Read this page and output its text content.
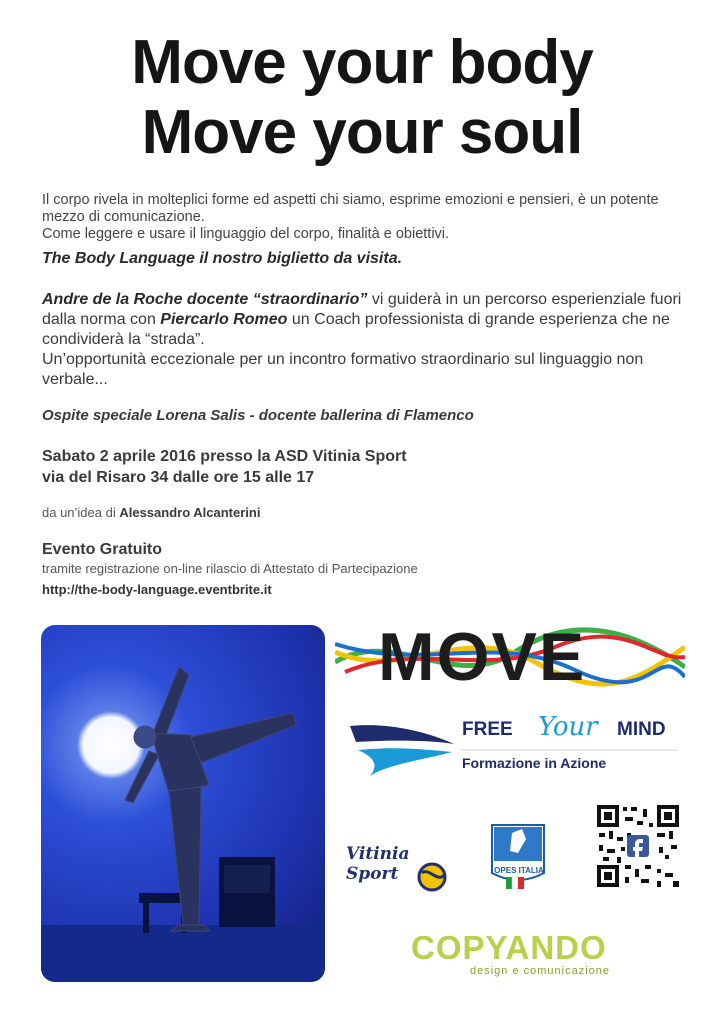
Move your body
Move your soul
Il corpo rivela in molteplici forme ed aspetti chi siamo, esprime emozioni e pensieri, è un potente
mezzo di comunicazione.
Come leggere e usare il linguaggio del corpo, finalità e obiettivi.
The Body Language il nostro biglietto da visita.
Andre de la Roche docente “straordinario” vi guiderà in un percorso esperienziale fuori dalla norma con Piercarlo Romeo un Coach professionista di grande esperienza che ne condividerà la “strada”.
Un’opportunità eccezionale per un incontro formativo straordinario sul linguaggio non verbale...
Ospite speciale Lorena Salis - docente ballerina di Flamenco
Sabato 2 aprile 2016 presso la ASD Vitinia Sport
via del Risaro 34 dalle ore 15 alle 17
da un’idea di Alessandro Alcanterini
Evento Gratuito
tramite registrazione on-line rilascio di Attestato di Partecipazione
http://the-body-language.eventbrite.it
MOVE
FREE Your MIND
Formazione in Azione
OPES ITALIA
Vitinia
Sport
COPYANDO
design e comunicazione
